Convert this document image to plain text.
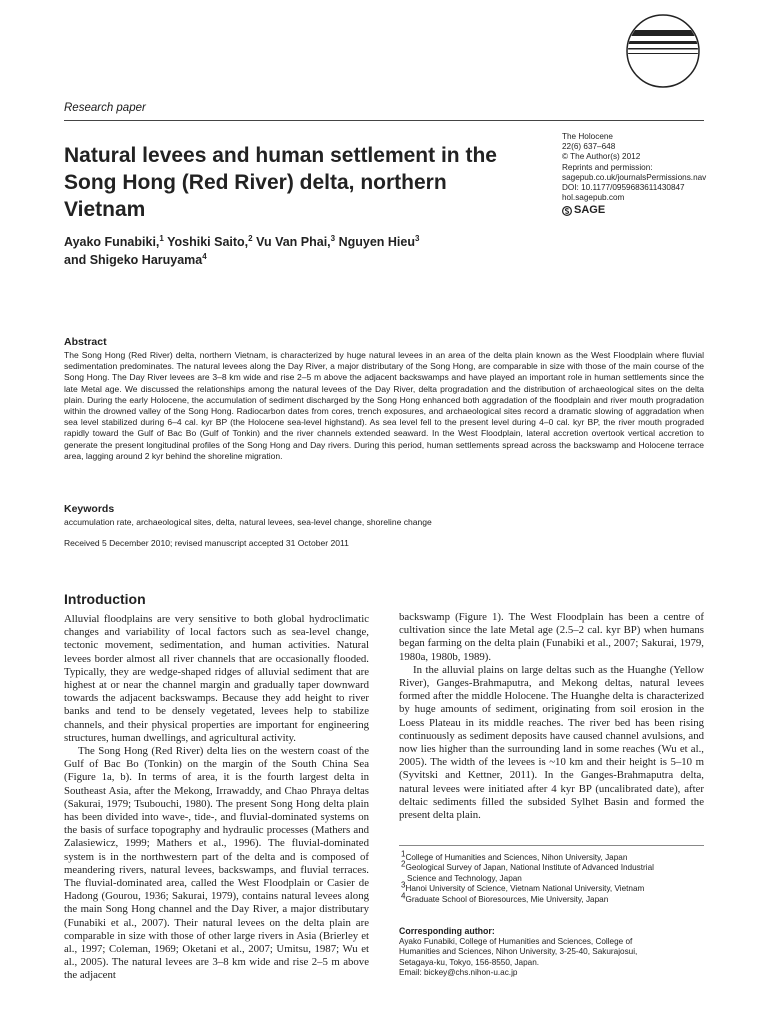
Research paper
Natural levees and human settlement in the Song Hong (Red River) delta, northern Vietnam
The Holocene
22(6) 637–648
© The Author(s) 2012
Reprints and permission:
sagepub.co.uk/journalsPermissions.nav
DOI: 10.1177/0959683611430847
hol.sagepub.com
SAGE
Ayako Funabiki,$^1$ Yoshiki Saito,$^2$ Vu Van Phai,$^3$ Nguyen Hieu$^3$
and Shigeko Haruyama$^4$
Abstract
The Song Hong (Red River) delta, northern Vietnam, is characterized by huge natural levees in an area of the delta plain known as the West Floodplain where fluvial sedimentation predominates. The natural levees along the Day River, a major distributary of the Song Hong, are comparable in size with those of the main course of the Song Hong. The Day River levees are 3–8 km wide and rise 2–5 m above the adjacent backswamps and have played an important role in human settlements since the late Metal age. We discussed the relationships among the natural levees of the Day River, delta progradation and the distribution of archaeological sites on the delta plain. During the early Holocene, the accumulation of sediment discharged by the Song Hong enhanced both aggradation of the floodplain and river mouth progradation within the drowned valley of the Song Hong. Radiocarbon dates from cores, trench exposures, and archaeological sites record a dramatic slowing of aggradation when sea level stabilized during 6–4 cal. kyr BP (the Holocene sea-level highstand). As sea level fell to the present level during 4–0 cal. kyr BP, the river mouth prograded rapidly toward the Gulf of Bac Bo (Gulf of Tonkin) and the river channels extended seaward. In the West Floodplain, lateral accretion overtook vertical accretion to generate the present longitudinal profiles of the Song Hong and Day rivers. During this period, human settlements spread across the backswamp and Holocene terrace area, lagging around 2 kyr behind the shoreline migration.
Keywords
accumulation rate, archaeological sites, delta, natural levees, sea-level change, shoreline change
Received 5 December 2010; revised manuscript accepted 31 October 2011
Introduction

Alluvial floodplains are very sensitive to both global hydroclimatic changes and variability of local factors such as sea-level change, tectonic movement, sedimentation, and human activities. Natural levees border almost all river channels that are occasionally flooded. Typically, they are wedge-shaped ridges of alluvial sediment that are highest at or near the channel margin and gradually taper downward towards the adjacent backswamps. Because they add height to river banks and tend to be densely vegetated, levees help to stabilize channels, and their physical properties are important for engineering structures, human dwellings, and agricultural activity.

The Song Hong (Red River) delta lies on the western coast of the Gulf of Bac Bo (Tonkin) on the margin of the South China Sea (Figure 1a, b). In terms of area, it is the fourth largest delta in Southeast Asia, after the Mekong, Irrawaddy, and Chao Phraya deltas (Sakurai, 1979; Tsubouchi, 1980). The present Song Hong delta plain has been divided into wave-, tide-, and fluvial-dominated systems on the basis of surface topography and hydraulic processes (Mathers and Zalasiewicz, 1999; Mathers et al., 1996). The fluvial-dominated system is in the northwestern part of the delta and is composed of meandering rivers, natural levees, backswamps, and fluvial terraces. The fluvial-dominated area, called the West Floodplain or Casier de Hadong (Gourou, 1936; Sakurai, 1979), contains natural levees along the main Song Hong channel and the Day River, a major distributary (Funabiki et al., 2007). Their natural levees on the delta plain are comparable in size with those of other large rivers in Asia (Brierley et al., 1997; Coleman, 1969; Oketani et al., 2007; Umitsu, 1987; Wu et al., 2005). The natural levees are 3–8 km wide and rise 2–5 m above the adjacent

backswamp (Figure 1). The West Floodplain has been a centre of cultivation since the late Metal age (2.5–2 cal. kyr BP) when humans began farming on the delta plain (Funabiki et al., 2007; Sakurai, 1979, 1980a, 1980b, 1989).

In the alluvial plains on large deltas such as the Huanghe (Yellow River), Ganges-Brahmaputra, and Mekong deltas, natural levees formed after the middle Holocene. The Huanghe delta is characterized by huge amounts of sediment, originating from soil erosion in the Loess Plateau in its middle reaches. The river bed has been rising continuously as sediment deposits have caused channel avulsions, and now lies higher than the surrounding land in some reaches (Wu et al., 2005). The width of the levees is ~10 km and their height is 5–10 m (Syvitski and Kettner, 2011). In the Ganges-Brahmaputra delta, natural levees were initiated after 4 kyr BP (uncalibrated date), after deltaic sediments filled the subsided Sylhet Basin and formed the present delta plain.

$^1$College of Humanities and Sciences, Nihon University, Japan
$^2$Geological Survey of Japan, National Institute of Advanced Industrial
Science and Technology, Japan
$^3$Hanoi University of Science, Vietnam National University, Vietnam
$^4$Graduate School of Bioresources, Mie University, Japan
Corresponding author:
Ayako Funabiki, College of Humanities and Sciences, College of
Humanities and Sciences, Nihon University, 3-25-40, Sakurajosui,
Setagaya-ku, Tokyo, 156-8550, Japan.
Email: bickey@chs.nihon-u.ac.jp
